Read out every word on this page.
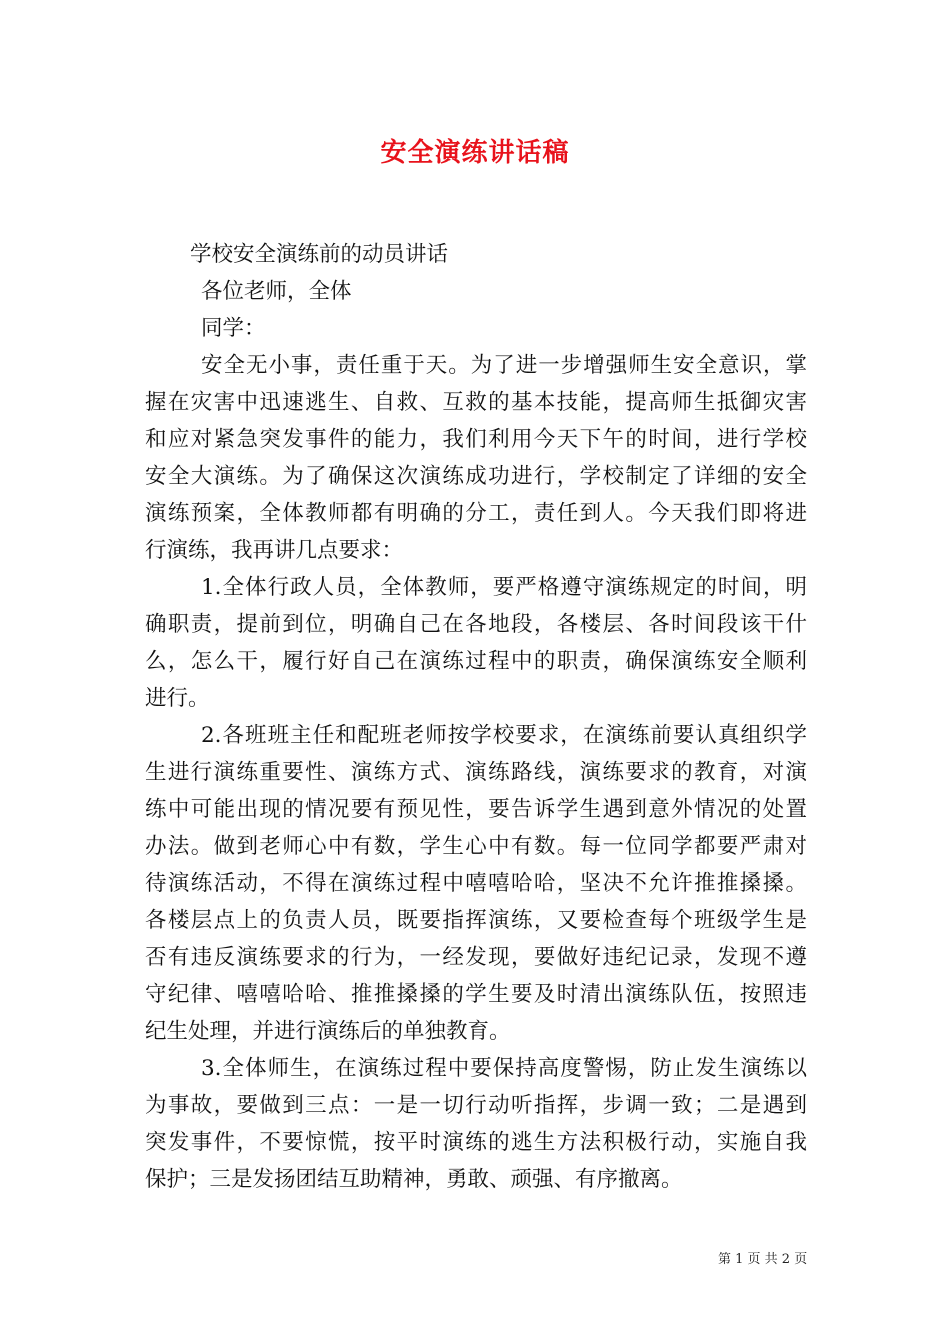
安全演练讲话稿
学校安全演练前的动员讲话
各位老师，全体
同学：
安全无小事，责任重于天。为了进一步增强师生安全意识，掌
握在灾害中迅速逃生、自救、互救的基本技能，提高师生抵御灾害
和应对紧急突发事件的能力，我们利用今天下午的时间，进行学校
安全大演练。为了确保这次演练成功进行，学校制定了详细的安全
演练预案，全体教师都有明确的分工，责任到人。今天我们即将进
行演练，我再讲几点要求：
1.全体行政人员，全体教师，要严格遵守演练规定的时间，明
确职责，提前到位，明确自己在各地段，各楼层、各时间段该干什
么，怎么干，履行好自己在演练过程中的职责，确保演练安全顺利
进行。
2.各班班主任和配班老师按学校要求，在演练前要认真组织学
生进行演练重要性、演练方式、演练路线，演练要求的教育，对演
练中可能出现的情况要有预见性，要告诉学生遇到意外情况的处置
办法。做到老师心中有数，学生心中有数。每一位同学都要严肃对
待演练活动，不得在演练过程中嘻嘻哈哈，坚决不允许推推搡搡。
各楼层点上的负责人员，既要指挥演练，又要检查每个班级学生是
否有违反演练要求的行为，一经发现，要做好违纪记录，发现不遵
守纪律、嘻嘻哈哈、推推搡搡的学生要及时清出演练队伍，按照违
纪生处理，并进行演练后的单独教育。
3.全体师生，在演练过程中要保持高度警惕，防止发生演练以
为事故，要做到三点：一是一切行动听指挥，步调一致；二是遇到
突发事件，不要惊慌，按平时演练的逃生方法积极行动，实施自我
保护；三是发扬团结互助精神，勇敢、顽强、有序撤离。
第 1 页 共 2 页
